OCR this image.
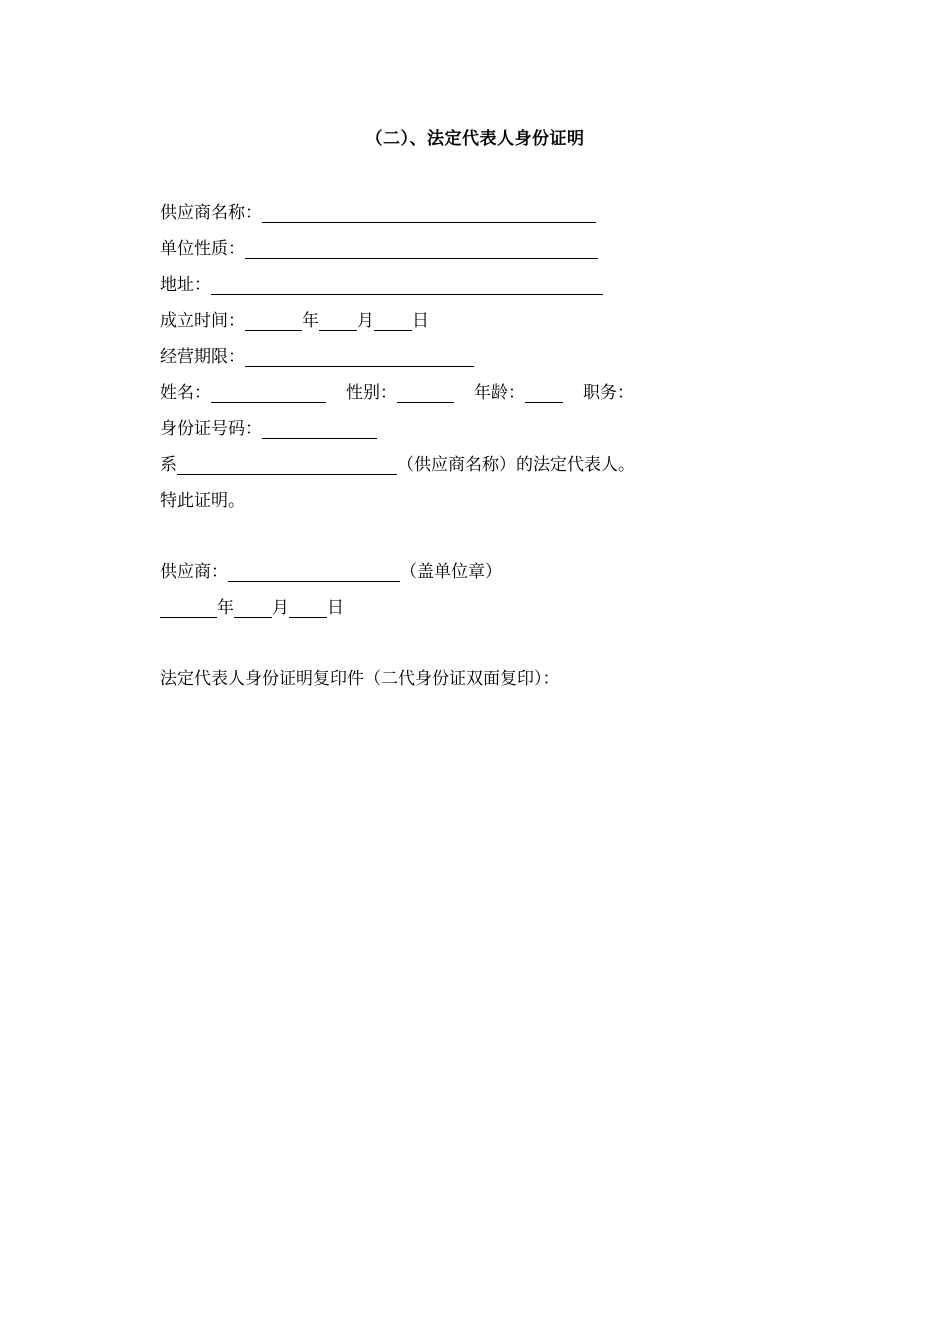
（二）、法定代表人身份证明
供应商名称：
单位性质：
地址：
成立时间：	年 月 日
经营期限：
姓名：	性别：	年龄：	职务：
身份证号码：
系	（供应商名称）的法定代表人。
特此证明。
供应商：	（盖单位章）
年 月 日
法定代表人身份证明复印件（二代身份证双面复印）：
